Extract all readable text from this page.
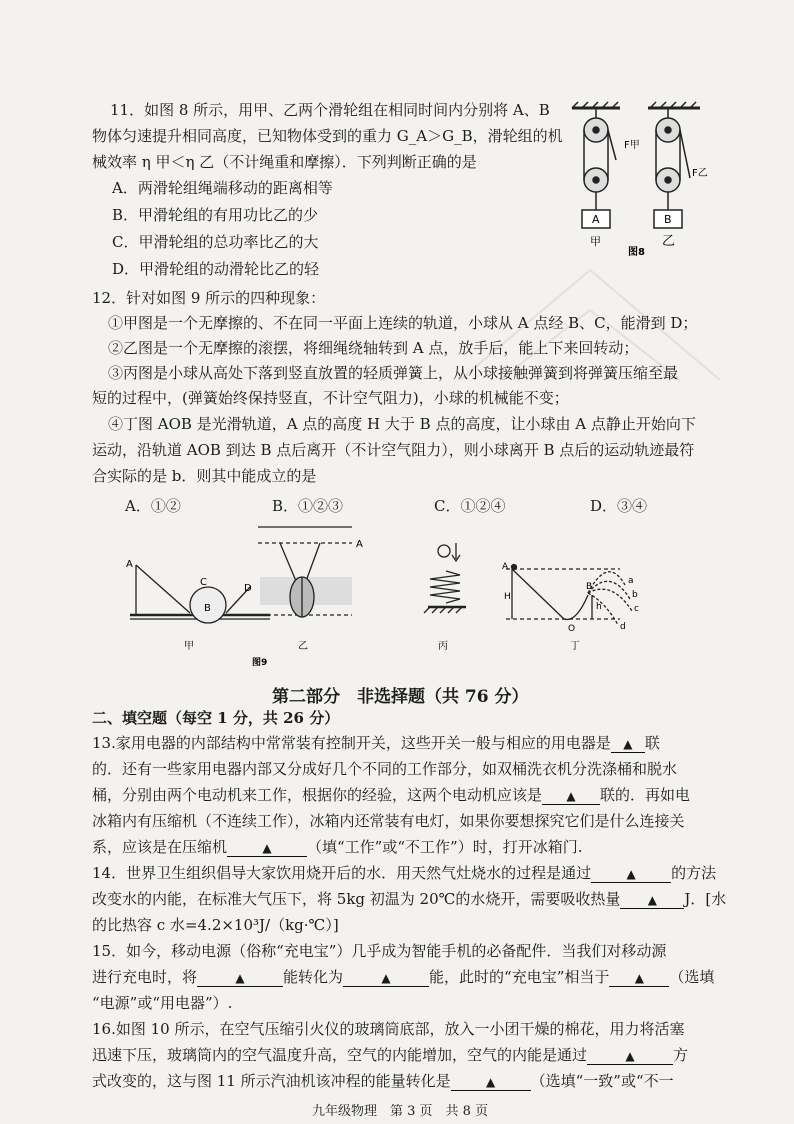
11．如图 8 所示，用甲、乙两个滑轮组在相同时间内分别将 A、B
物体匀速提升相同高度，已知物体受到的重力 G_A＞G_B，滑轮组的机
械效率 η 甲＜η 乙（不计绳重和摩擦）．下列判断正确的是
A．两滑轮组绳端移动的距离相等
B．甲滑轮组的有用功比乙的少
C．甲滑轮组的总功率比乙的大
D．甲滑轮组的动滑轮比乙的轻
F甲
F乙
A	B
甲	乙
图8
12．针对如图 9 所示的四种现象：
①甲图是一个无摩擦的、不在同一平面上连续的轨道，小球从 A 点经 B、C，能滑到 D；
②乙图是一个无摩擦的滚摆，将细绳绕轴转到 A 点，放手后，能上下来回转动；
③丙图是小球从高处下落到竖直放置的轻质弹簧上，从小球接触弹簧到将弹簧压缩至最
短的过程中，(弹簧始终保持竖直，不计空气阻力)，小球的机械能不变；
④丁图 AOB 是光滑轨道，A 点的高度 H 大于 B 点的高度，让小球由 A 点静止开始向下
运动，沿轨道 AOB 到达 B 点后离开（不计空气阻力），则小球离开 B 点后的运动轨迹最符
合实际的是 b．则其中能成立的是
A．①②	B．①②③	C．①②④	D．③④
A
B
C
D
A
A
B
O
H
h
a
b
c
d
甲	乙	丙	丁
图9
第二部分　非选择题（共 76 分）
二、填空题（每空 1 分，共 26 分）
13.家用电器的内部结构中常常装有控制开关，这些开关一般与相应的用电器是 ▲ 联
的．还有一些家用电器内部又分成好几个不同的工作部分，如双桶洗衣机分洗涤桶和脱水
桶，分别由两个电动机来工作，根据你的经验，这两个电动机应该是 ▲ 联的．再如电
冰箱内有压缩机（不连续工作），冰箱内还常装有电灯，如果你要想探究它们是什么连接关
系，应该是在压缩机	▲ （填“工作”或“不工作”）时，打开冰箱门.
14．世界卫生组织倡导大家饮用烧开后的水．用天然气灶烧水的过程是通过	▲ 的方法
改变水的内能，在标准大气压下，将 5kg 初温为 20℃的水烧开，需要吸收热量 ▲ J．[水
的比热容 c 水=4.2×10³J/（kg·℃）]
15．如今，移动电源（俗称“充电宝”）几乎成为智能手机的必备配件．当我们对移动源
进行充电时，将	▲	能转化为	▲	能，此时的“充电宝”相当于 ▲ （选填
“电源”或“用电器”）.
16.如图 10 所示，在空气压缩引火仪的玻璃筒底部，放入一小团干燥的棉花，用力将活塞
迅速下压，玻璃筒内的空气温度升高，空气的内能增加，空气的内能是通过	▲	方
式改变的，这与图 11 所示汽油机该冲程的能量转化是	▲ （选填“一致”或“不一
九年级物理　第 3 页　共 8 页
